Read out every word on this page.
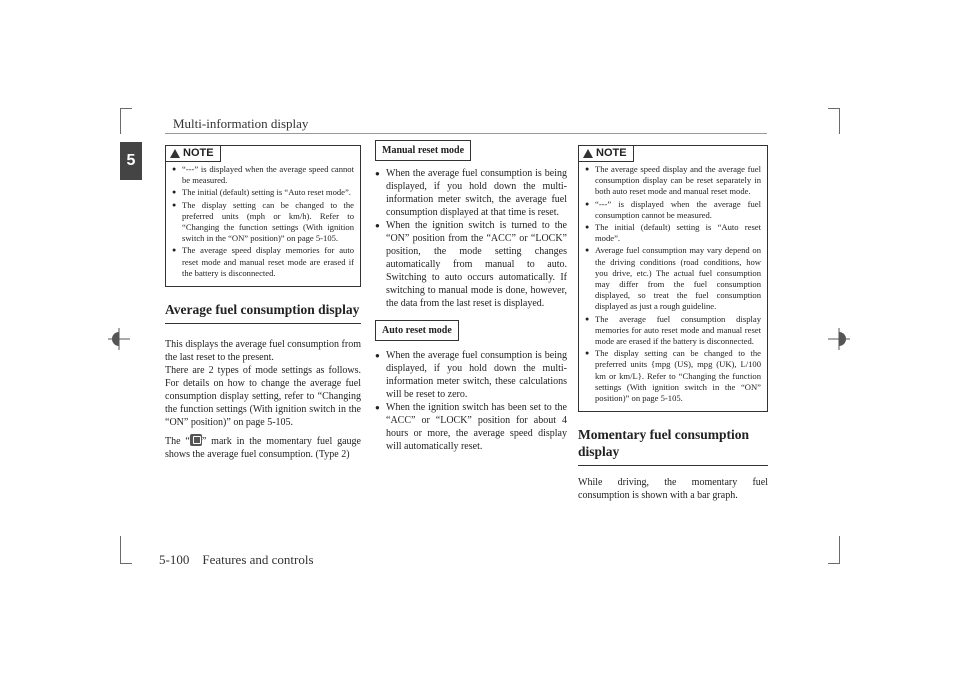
Multi-information display
5	NOTE
● “---” is displayed when the average speed cannot be measured.
● The initial (default) setting is “Auto reset mode”.
● The display setting can be changed to the preferred units (mph or km/h). Refer to “Changing the function settings (With ignition switch in the “ON” position)” on page 5-105.
● The average speed display memories for auto reset mode and manual reset mode are erased if the battery is disconnected.
Average fuel consumption display

This displays the average fuel consumption from the last reset to the present.

There are 2 types of mode settings as follows. For details on how to change the average fuel consumption display setting, refer to “Changing the function settings (With ignition switch in the “ON” position)” on page 5-105.

The “ ” mark in the momentary fuel gauge shows the average fuel consumption. (Type 2)

Manual reset mode
● When the average fuel consumption is being displayed, if you hold down the multi-information meter switch, the average fuel consumption displayed at that time is reset.
● When the ignition switch is turned to the “ON” position from the “ACC” or “LOCK” position, the mode setting changes automatically from manual to auto. Switching to auto occurs automatically. If switching to manual mode is done, however, the data from the last reset is displayed.
Auto reset mode
● When the average fuel consumption is being displayed, if you hold down the multi-information meter switch, these calculations will be reset to zero.
● When the ignition switch has been set to the “ACC” or “LOCK” position for about 4 hours or more, the average speed display will automatically reset.
NOTE
● The average speed display and the average fuel consumption display can be reset separately in both auto reset mode and manual reset mode.
● “---” is displayed when the average fuel consumption cannot be measured.
● The initial (default) setting is “Auto reset mode”.
● Average fuel consumption may vary depend on the driving conditions (road conditions, how you drive, etc.) The actual fuel consumption may differ from the fuel consumption displayed, so treat the fuel consumption displayed as just a rough guideline.
● The average fuel consumption display memories for auto reset mode and manual reset mode are erased if the battery is disconnected.
● The display setting can be changed to the preferred units {mpg (US), mpg (UK), L/100 km or km/L}. Refer to “Changing the function settings (With ignition switch in the “ON” position)” on page 5-105.
Momentary fuel consumption display
While driving, the momentary fuel consumption is shown with a bar graph.
5-100 Features and controls
